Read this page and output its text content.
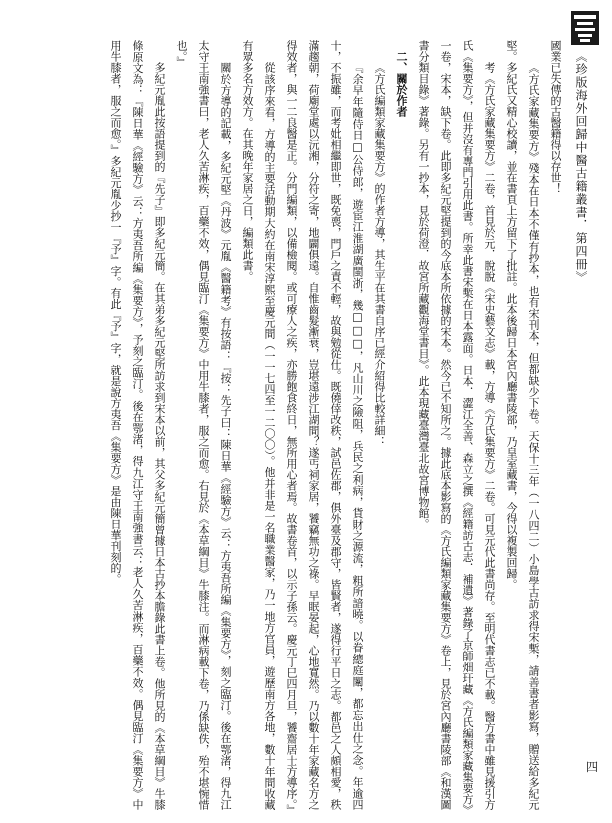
《珍版海外回歸中醫古籍叢書．第四冊》
四

國業已失傳的古醫籍得以存世！

《方氏家藏集要方》殘本在日本不僅有抄本，也有宋刊本，但都缺少下卷。天保十三年（一八四二）小島學古訪求得宋槧，請善書者影寫，贈送給多紀元堅。多紀氏又精心校讀，並在書頁上方留下了批註。此本後歸日本宮內廳書陵部，乃皇室藏書，今得以複製回歸。

考《方氏家藏集要方》二卷，首見於元．脫脫《宋史藝文志》載，方導《方氏集要方》二卷。可見元代此書尚存。至明代書志已不載。醫方書中雖見援引方氏《集要方》，但并沒有專門引用此書。所幸此書宋槧在日本露面。日本．澀江全善、森立之撰《經籍訪古志．補遺》著錄了京師畑玕藏《方氏編類家藏集要方》一卷，宋本，缺下卷。此即多紀元堅提到的今底本所依據的宋本。然今已不知所之。據此底本影寫的《方氏編類家藏集要方》卷上，見於宮內廳書陵部《和漢圖書分類目錄》著錄。另有一抄本，見於荷澄．故宮所藏觀海堂書目》。此本現藏臺灣臺北故宮博物館。

二、關於作者

《方氏編類家藏集要方》的作者方導，其生平在其書自序已經介紹得比較詳細：

『余早年隨侍日□公侍郎，遊宦江淮湖廣閩浙，幾□□□，凡山川之險阻，兵民之利病，貨財之源流，粗所諳曉。以眷總庭闈，都忘出仕之念。年逾四十，不振雖，而考妣相繼即世，既免喪，門戶之責不輕，故與勉從仕。既僥倖改秩，試邑佐郡，俱外臺及郡守，皆賢者，遂得行平日之志。都邑之人頗相愛，秩滿趨朝，荷廟堂處以沅湘，分符之寄，地闢俱遠。自惟齒髮漸衰，豈堪遠涉江湖間？遂丐祠家居，饕竊無功之祿。早眠晏起，心地寬然。乃以數十年家藏名方之得效者，與一二良醫是正。分門編類，以備檢閱。或可療人之疾，亦勝飽食終日，無所用心者焉。故書卷首，以示子孫云。慶元丁巳四月旦，饕齋居士方導序。』

從該序來看，方導的主要活動期大約在南宋淳熙至慶元間（一一七四至一二〇〇）。他并非是一名職業醫家，乃一地方官員，遊歷南方各地，數十年間收藏有眾多名方效方。在其晚年家居之日，編類此書。

關於方導的記載，多紀元堅《丹波》元胤《醫籍考》有按語：『按：先子曰：陳日華《經驗方》云：方夷吾所編《集要方》，刻之臨汀。後在鄂渚，得九江太守王南強書曰，老人久苦淋疾，百藥不效，偶見臨汀《集要方》中用牛膝者，服之而愈。右見於《本草綱目》牛膝注。而淋病載下卷，乃係缺佚，殆不堪惋惜也。』

多紀元胤此按語提到的『先子』即多紀元簡。在其弟多紀元堅所訪求到宋本以前，其父多紀元簡曾據日本古抄本膽錄此書上卷。他所見的《本草綱目》牛膝條原文為：『陳日華《經驗方》云：方夷吾所編《集要方》，予刻之臨汀。後在鄂渚，得九江守王南強書云：老人久苦淋疾，百藥不效。偶見臨汀《集要方》中用牛膝者，服之而愈。』多紀元胤少抄一『予』字。有此『予』字，就是說方夷吾《集要方》是由陳日華刊刻的。
